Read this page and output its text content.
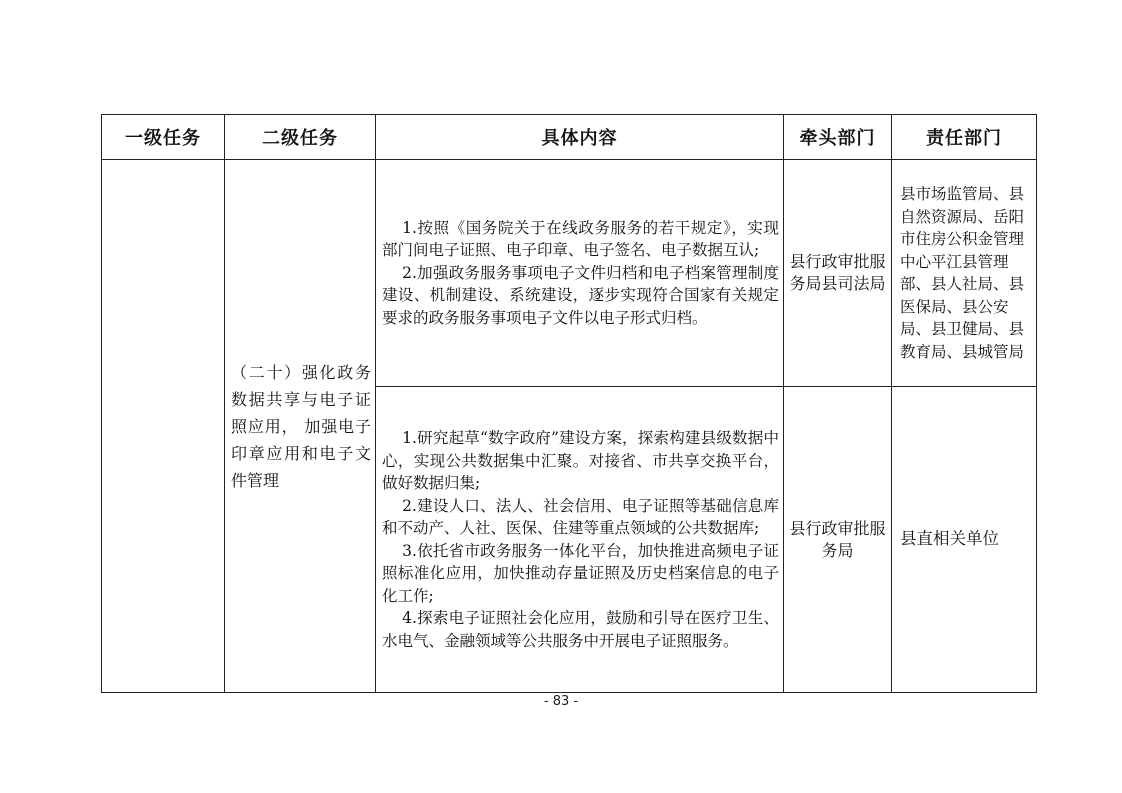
一级任务	二级任务	具体内容	牵头部门	责任部门
	（二十）强化政务数据共享与电子证照应用， 加强电子印章应用和电子文件管理	1.按照《国务院关于在线政务服务的若干规定》，实现部门间电子证照、电子印章、电子签名、电子数据互认;

2.加强政务服务事项电子文件归档和电子档案管理制度建设、机制建设、系统建设，逐步实现符合国家有关规定要求的政务服务事项电子文件以电子形式归档。	县行政审批服务局县司法局	县市场监管局、县自然资源局、岳阳市住房公积金管理中心平江县管理部、县人社局、县医保局、县公安局、县卫健局、县教育局、县城管局

		1.研究起草“数字政府”建设方案，探索构建县级数据中心，实现公共数据集中汇聚。对接省、市共享交换平台，做好数据归集;

2.建设人口、法人、社会信用、电子证照等基础信息库和不动产、人社、医保、住建等重点领域的公共数据库;

3.依托省市政务服务一体化平台，加快推进高频电子证照标准化应用，加快推动存量证照及历史档案信息的电子化工作;

4.探索电子证照社会化应用，鼓励和引导在医疗卫生、水电气、金融领域等公共服务中开展电子证照服务。	县行政审批服务局	县直相关单位
- 83 -
